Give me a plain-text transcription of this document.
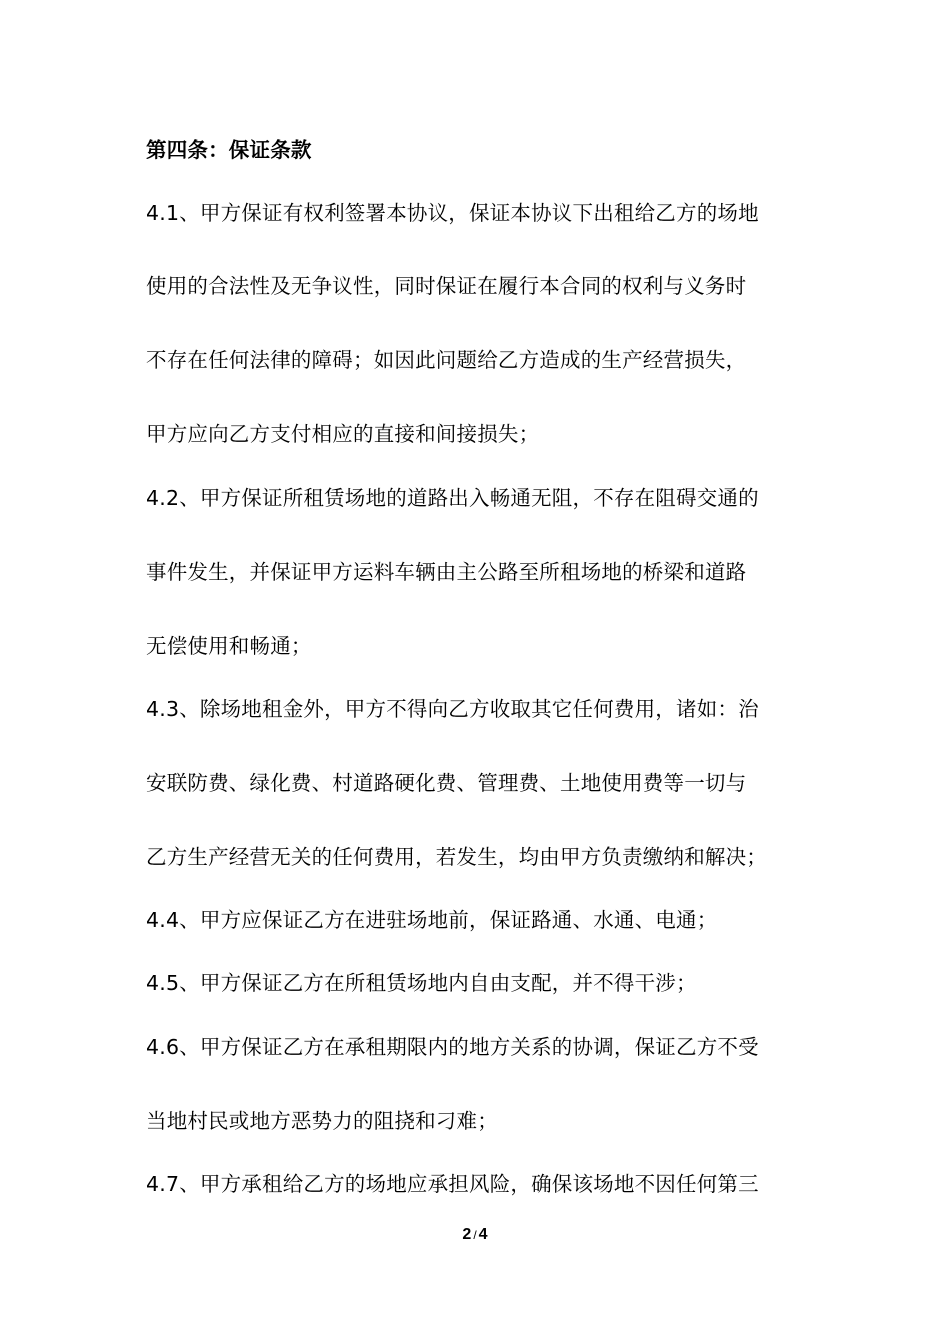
第四条：保证条款
4.1、甲方保证有权利签署本协议，保证本协议下出租给乙方的场地
使用的合法性及无争议性，同时保证在履行本合同的权利与义务时
不存在任何法律的障碍；如因此问题给乙方造成的生产经营损失，
甲方应向乙方支付相应的直接和间接损失；
4.2、甲方保证所租赁场地的道路出入畅通无阻，不存在阻碍交通的
事件发生，并保证甲方运料车辆由主公路至所租场地的桥梁和道路
无偿使用和畅通；
4.3、除场地租金外，甲方不得向乙方收取其它任何费用，诸如：治
安联防费、绿化费、村道路硬化费、管理费、土地使用费等一切与
乙方生产经营无关的任何费用，若发生，均由甲方负责缴纳和解决；
4.4、甲方应保证乙方在进驻场地前，保证路通、水通、电通；
4.5、甲方保证乙方在所租赁场地内自由支配，并不得干涉；
4.6、甲方保证乙方在承租期限内的地方关系的协调，保证乙方不受
当地村民或地方恶势力的阻挠和刁难；
4.7、甲方承租给乙方的场地应承担风险，确保该场地不因任何第三
2 / 4
